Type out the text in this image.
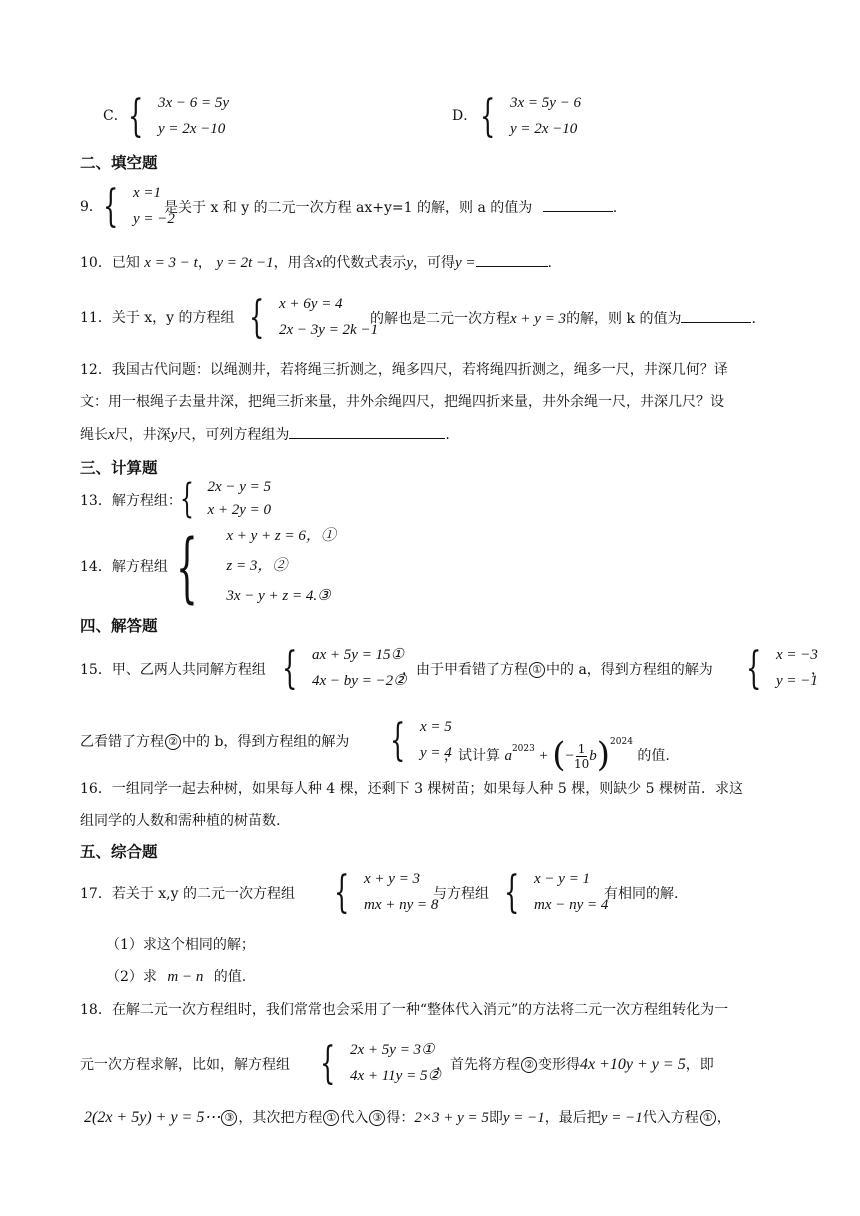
C． { 3x − 6 = 5y
y = 2x −10
D． { 3x = 5y − 6
y = 2x −10
二、填空题
9． { x =1
y = −2
是关于 x 和 y 的二元一次方程 ax+y=1 的解，则 a 的值为	.
10．已知 x = 3 − t， y = 2t −1，用含x的代数式表示y，可得y =	.
11．关于 x，y 的方程组 { x + 6y = 4
2x − 3y = 2k −1
的解也是二元一次方程x + y = 3的解，则 k 的值为	.
12．我国古代问题：以绳测井，若将绳三折测之，绳多四尺，若将绳四折测之，绳多一尺，井深几何？译
文：用一根绳子去量井深，把绳三折来量，井外余绳四尺，把绳四折来量，井外余绳一尺，井深几尺？设
绳长x尺，井深y尺，可列方程组为	.
三、计算题
13．解方程组：
{ 2x − y = 5
x + 2y = 0
14．解方程组 { x + y + z = 6，①
z = 3，②
3x − y + z = 4.③
四、解答题
15．甲、乙两人共同解方程组 { ax + 5y = 15①
4x − by = −2②
，由于甲看错了方程 ① 中的 a，得到方程组的解为 { x = −3
y = −1
，
乙看错了方程 ② 中的 b，得到方程组的解为 { x = 5
y = 4
，试计算 $a^{2023}$ + (− $\frac{1}{10} b)^{2024}$ 的值.
16．一组同学一起去种树，如果每人种 4 棵，还剩下 3 棵树苗；如果每人种 5 棵，则缺少 5 棵树苗．求这
组同学的人数和需种植的树苗数.
五、综合题
17．若关于 x,y 的二元一次方程组 { x + y = 3
mx + ny = 8
与方程组 { x − y = 1
mx − ny = 4
有相同的解.
（1）求这个相同的解；
（2）求 m − n 的值.
18．在解二元一次方程组时，我们常常也会采用了一种“整体代入消元”的方法将二元一次方程组转化为一
元一次方程求解，比如，解方程组 { 2x + 5y = 3①
4x + 11y = 5②
，首先将方程 ② 变形得4x +10y + y = 5，即
2(2x + 5y) + y = 5⋯ ③ ，其次把方程 ① 代入 ③ 得：2×3 + y = 5即y = −1，最后把y = −1代入方程 ① ，
